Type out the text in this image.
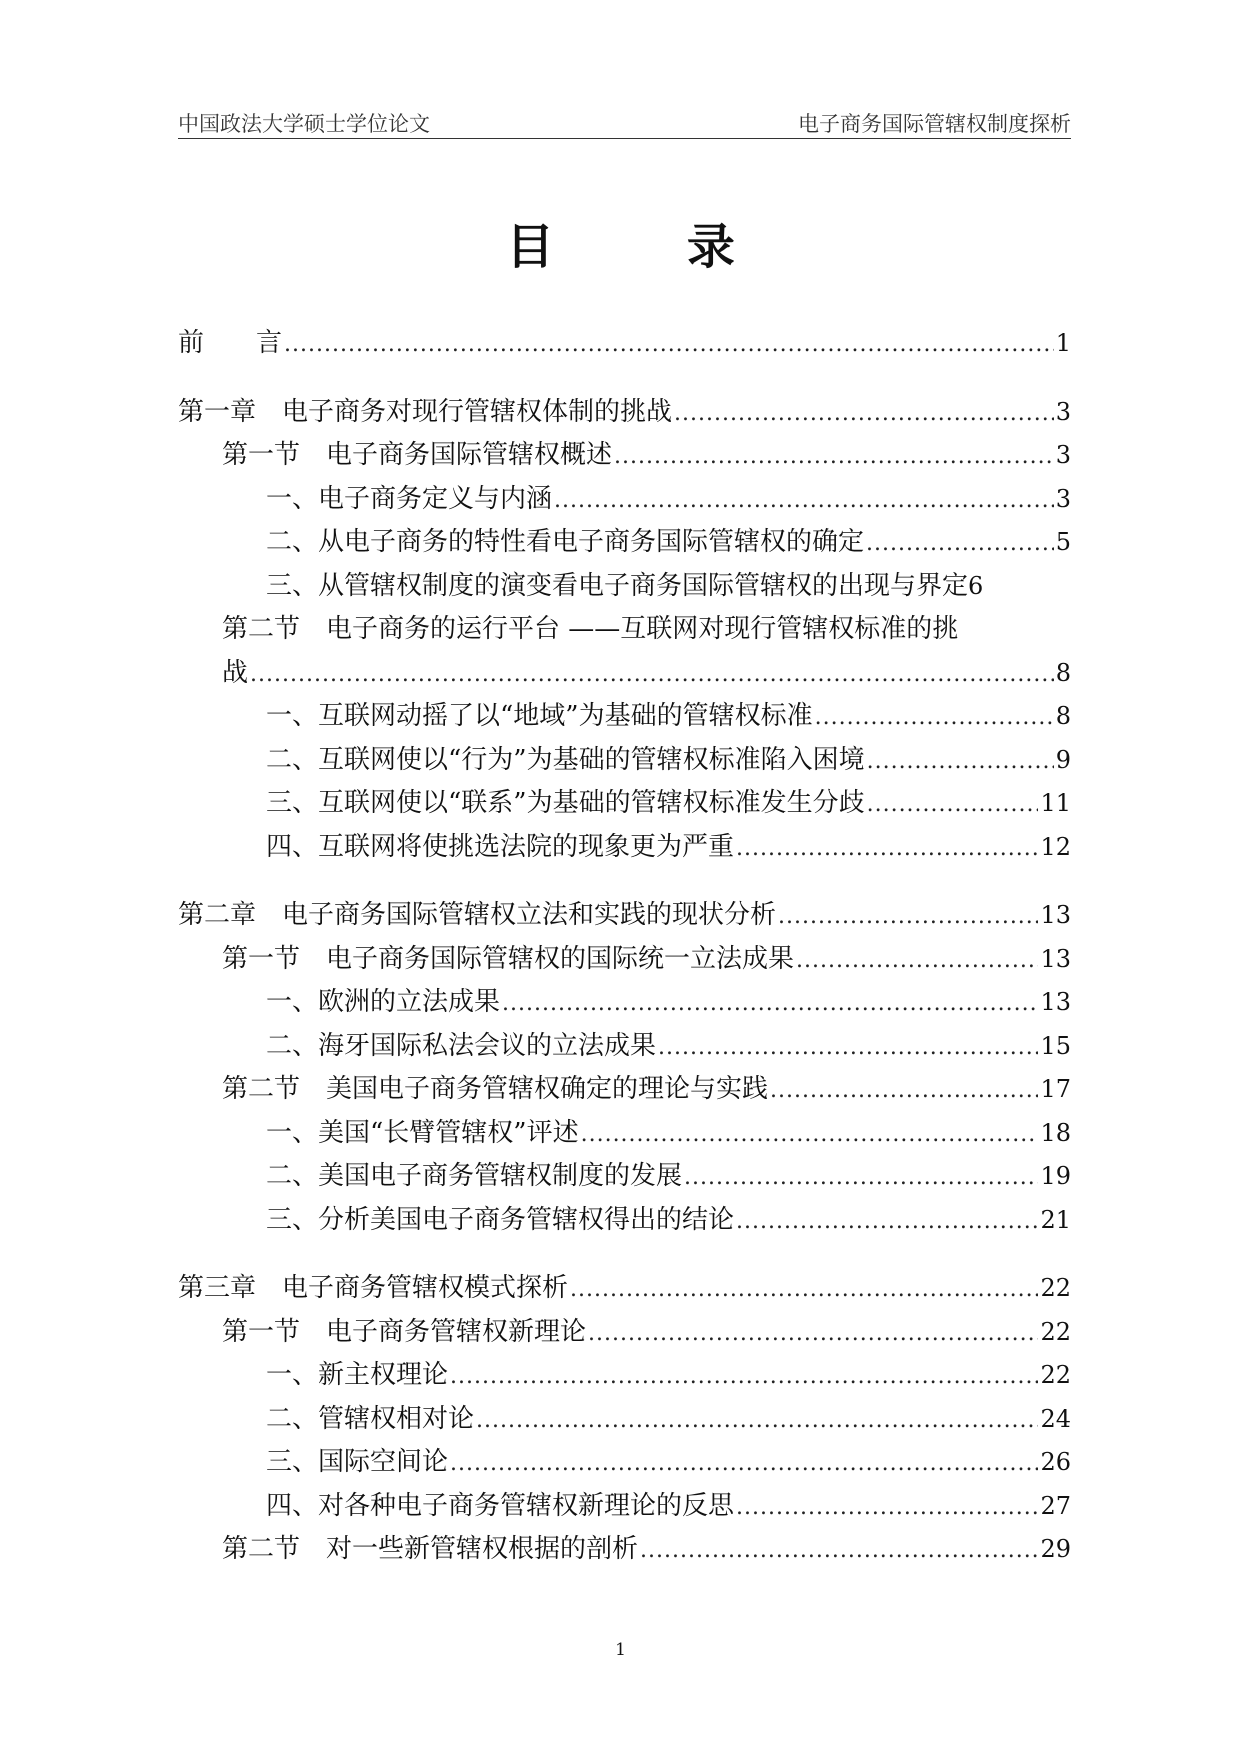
中国政法大学硕士学位论文	电子商务国际管辖权制度探析
目 录
前　　言 .....	1
第一章　电子商务对现行管辖权体制的挑战 .....	3
第一节　电子商务国际管辖权概述 .....	3
一、电子商务定义与内涵 .....	3
二、从电子商务的特性看电子商务国际管辖权的确定 .....	5
三、从管辖权制度的演变看电子商务国际管辖权的出现与界定 6
第二节　电子商务的运行平台 ——互联网对现行管辖权标准的挑
战 .....	8
一、互联网动摇了以“地域”为基础的管辖权标准 .....	8
二、互联网使以“行为”为基础的管辖权标准陷入困境 .....	9
三、互联网使以“联系”为基础的管辖权标准发生分歧 .....	11
四、互联网将使挑选法院的现象更为严重 .....	12
第二章　电子商务国际管辖权立法和实践的现状分析 .....	13
第一节　电子商务国际管辖权的国际统一立法成果 .....	13
一、欧洲的立法成果 .....	13
二、海牙国际私法会议的立法成果 .....	15
第二节　美国电子商务管辖权确定的理论与实践 .....	17
一、美国“长臂管辖权”评述 .....	18
二、美国电子商务管辖权制度的发展 .....	19
三、分析美国电子商务管辖权得出的结论 .....	21
第三章　电子商务管辖权模式探析 .....	22
第一节　电子商务管辖权新理论 .....	22
一、新主权理论 .....	22
二、管辖权相对论 .....	24
三、国际空间论 .....	26
四、对各种电子商务管辖权新理论的反思 .....	27
第二节　对一些新管辖权根据的剖析 .....	29
1
